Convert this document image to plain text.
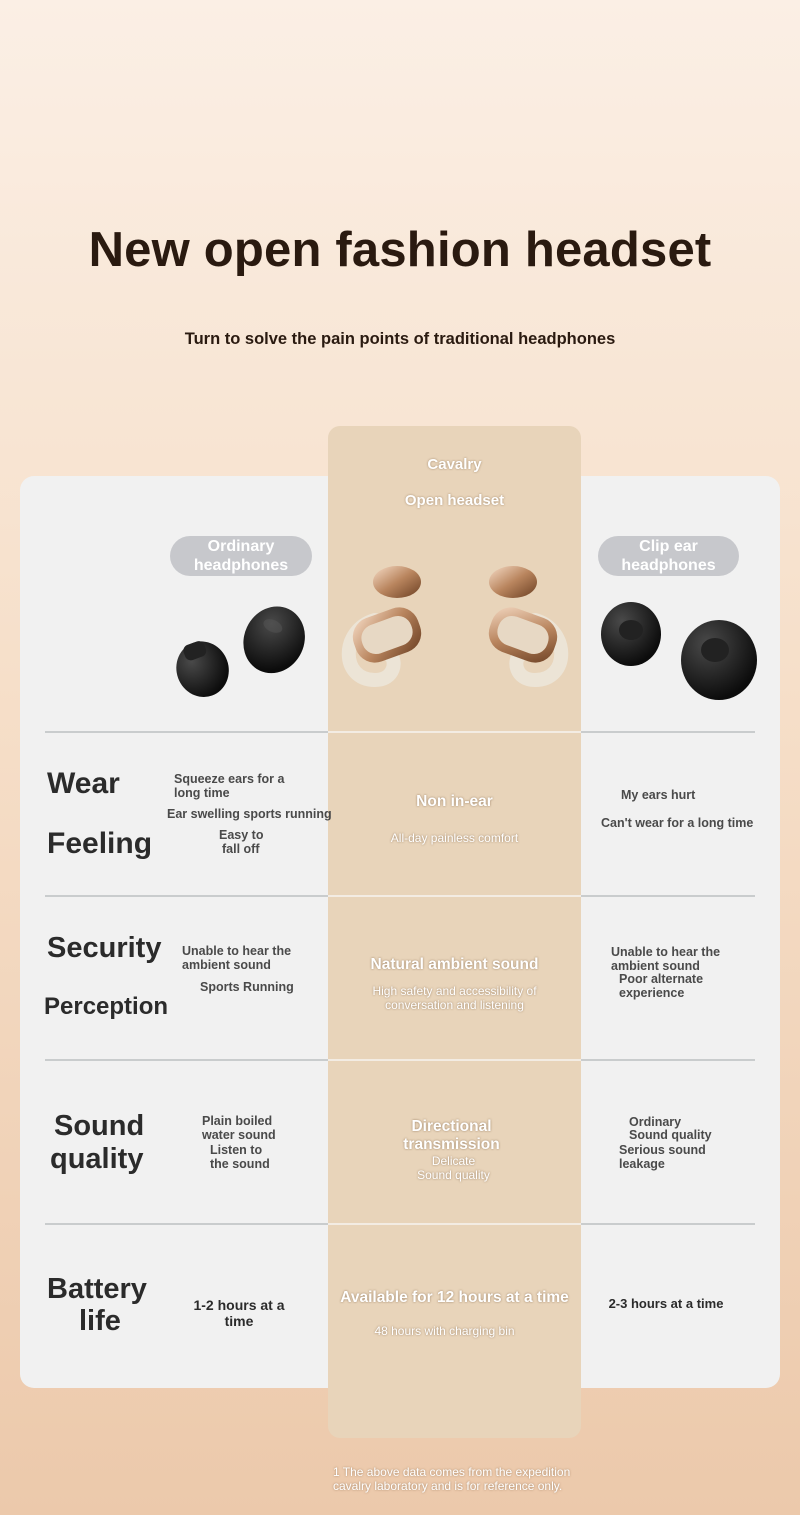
New open fashion headset
Turn to solve the pain points of traditional headphones
Cavalry
Open headset
Ordinary
headphones
Clip ear
headphones
Wear
Feeling
Squeeze ears for a
long time
Ear swelling sports running
Easy to
fall off
Non in-ear
All-day painless comfort
My ears hurt
Can't wear for a long time
Security
Perception
Unable to hear the
ambient sound
Sports Running
Natural ambient sound
High safety and accessibility of
conversation and listening
Unable to hear the
ambient sound
Poor alternate
experience
Sound
quality
Plain boiled
water sound
Listen to
the sound
Directional
transmission
Delicate
Sound quality
Ordinary
Sound quality
Serious sound
leakage
Battery
life	1-2 hours at a
time
Available for 12 hours at a time
48 hours with charging bin
2-3 hours at a time
1 The above data comes from the expedition
cavalry laboratory and is for reference only.
